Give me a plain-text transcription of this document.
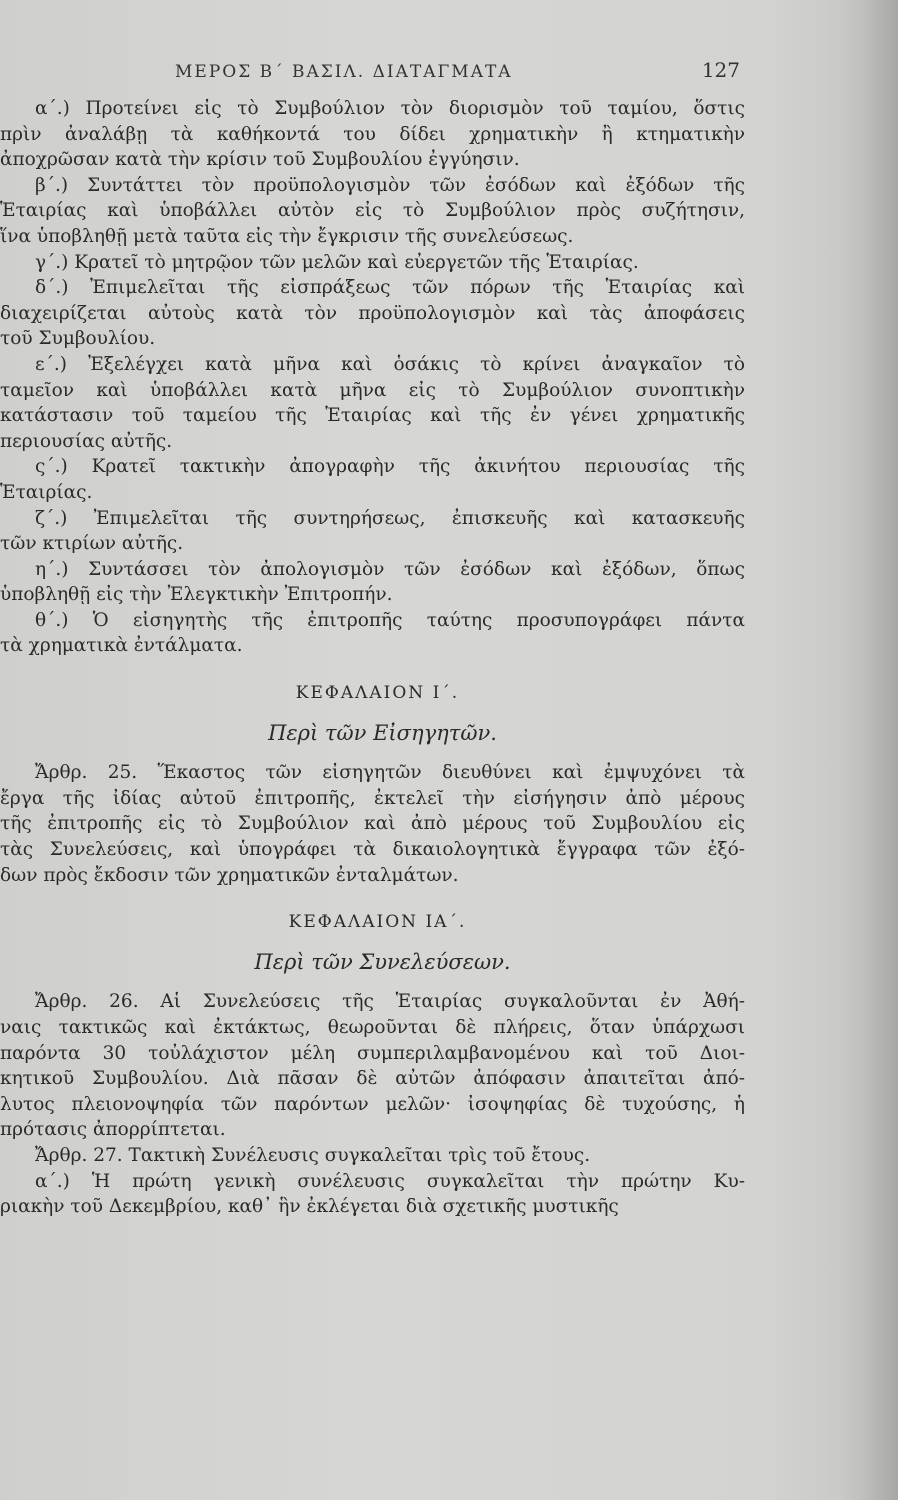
ΜΕΡΟΣ Β΄ ΒΑΣΙΛ. ΔΙΑΤΑΓΜΑΤΑ	127
α΄.) Προτείνει εἰς τὸ Συμβούλιον τὸν διορισμὸν τοῦ ταμίου, ὅστις
πρὶν ἀναλάβῃ τὰ καθήκοντά του δίδει χρηματικὴν ἢ κτηματικὴν
ἀποχρῶσαν κατὰ τὴν κρίσιν τοῦ Συμβουλίου ἐγγύησιν.
β΄.) Συντάττει τὸν προϋπολογισμὸν τῶν ἐσόδων καὶ ἐξόδων τῆς
Ἑταιρίας καὶ ὑποβάλλει αὐτὸν εἰς τὸ Συμβούλιον πρὸς συζήτησιν,
ἵνα ὑποβληθῇ μετὰ ταῦτα εἰς τὴν ἔγκρισιν τῆς συνελεύσεως.
γ΄.) Κρατεῖ τὸ μητρῷον τῶν μελῶν καὶ εὐεργετῶν τῆς Ἑταιρίας.
δ΄.) Ἐπιμελεῖται τῆς εἰσπράξεως τῶν πόρων τῆς Ἑταιρίας καὶ
διαχειρίζεται αὐτοὺς κατὰ τὸν προϋπολογισμὸν καὶ τὰς ἀποφάσεις
τοῦ Συμβουλίου.
ε΄.) Ἐξελέγχει κατὰ μῆνα καὶ ὁσάκις τὸ κρίνει ἀναγκαῖον τὸ
ταμεῖον καὶ ὑποβάλλει κατὰ μῆνα εἰς τὸ Συμβούλιον συνοπτικὴν
κατάστασιν τοῦ ταμείου τῆς Ἑταιρίας καὶ τῆς ἐν γένει χρηματικῆς
περιουσίας αὐτῆς.
ς΄.) Κρατεῖ τακτικὴν ἀπογραφὴν τῆς ἀκινήτου περιουσίας τῆς
Ἑταιρίας.
ζ΄.) Ἐπιμελεῖται τῆς συντηρήσεως, ἐπισκευῆς καὶ κατασκευῆς
τῶν κτιρίων αὐτῆς.
η΄.) Συντάσσει τὸν ἀπολογισμὸν τῶν ἐσόδων καὶ ἐξόδων, ὅπως
ὑποβληθῇ εἰς τὴν Ἐλεγκτικὴν Ἐπιτροπήν.
θ΄.) Ὁ εἰσηγητὴς τῆς ἐπιτροπῆς ταύτης προσυπογράφει πάντα
τὰ χρηματικὰ ἐντάλματα.
ΚΕΦΑΛΑΙΟΝ Ι΄.
Περὶ τῶν Εἰσηγητῶν.
Ἄρθρ. 25. Ἕκαστος τῶν εἰσηγητῶν διευθύνει καὶ ἐμψυχόνει τὰ
ἔργα τῆς ἰδίας αὐτοῦ ἐπιτροπῆς, ἐκτελεῖ τὴν εἰσήγησιν ἀπὸ μέρους
τῆς ἐπιτροπῆς εἰς τὸ Συμβούλιον καὶ ἀπὸ μέρους τοῦ Συμβουλίου εἰς
τὰς Συνελεύσεις, καὶ ὑπογράφει τὰ δικαιολογητικὰ ἔγγραφα τῶν ἐξό-
δων πρὸς ἔκδοσιν τῶν χρηματικῶν ἐνταλμάτων.
ΚΕΦΑΛΑΙΟΝ ΙΑ΄.
Περὶ τῶν Συνελεύσεων.
Ἄρθρ. 26. Αἱ Συνελεύσεις τῆς Ἑταιρίας συγκαλοῦνται ἐν Ἀθή-
ναις τακτικῶς καὶ ἐκτάκτως, θεωροῦνται δὲ πλήρεις, ὅταν ὑπάρχωσι
παρόντα 30 τοὐλάχιστον μέλη συμπεριλαμβανομένου καὶ τοῦ Διοι-
κητικοῦ Συμβουλίου. Διὰ πᾶσαν δὲ αὐτῶν ἀπόφασιν ἀπαιτεῖται ἀπό-
λυτος πλειονοψηφία τῶν παρόντων μελῶν· ἰσοψηφίας δὲ τυχούσης, ἡ
πρότασις ἀπορρίπτεται.
Ἄρθρ. 27. Τακτικὴ Συνέλευσις συγκαλεῖται τρὶς τοῦ ἔτους.
α΄.) Ἡ πρώτη γενικὴ συνέλευσις συγκαλεῖται τὴν πρώτην Κυ-
ριακὴν τοῦ Δεκεμβρίου, καθ᾽ ἣν ἐκλέγεται διὰ σχετικῆς μυστικῆς
